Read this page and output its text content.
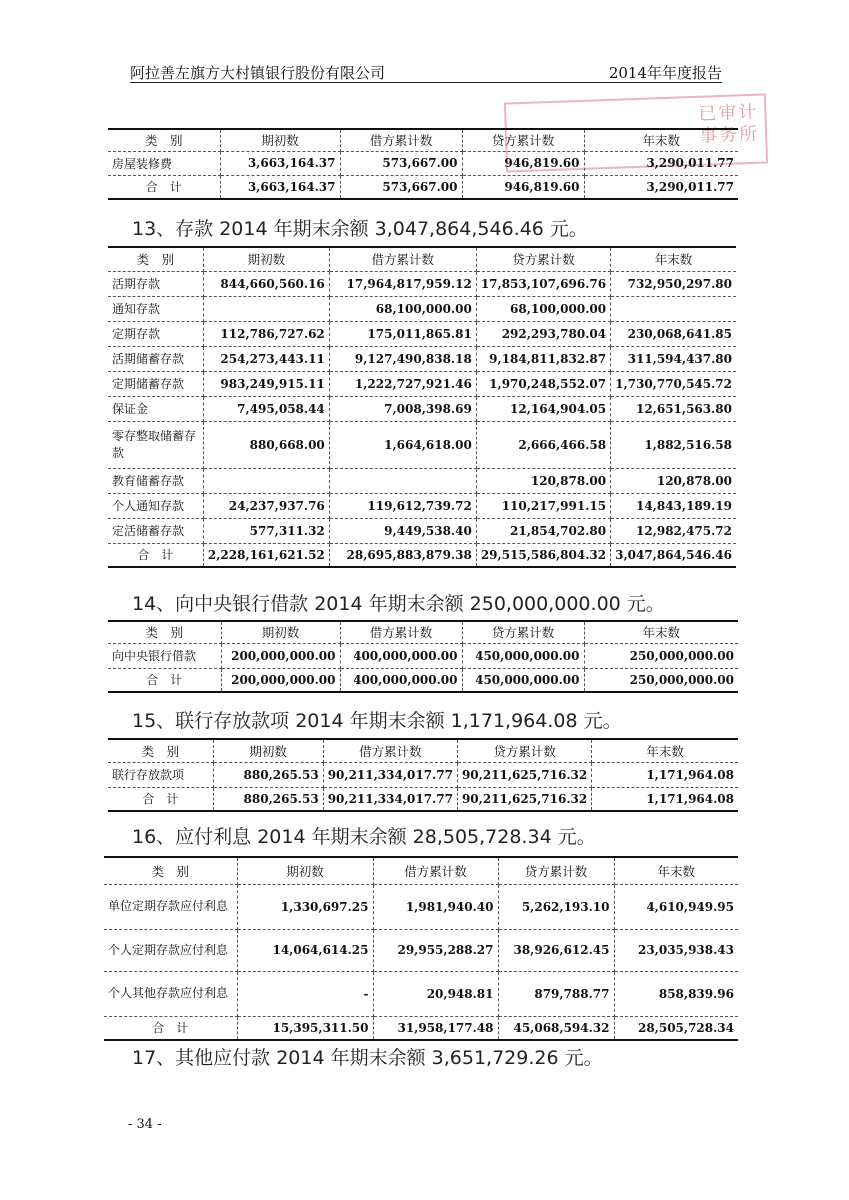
阿拉善左旗方大村镇银行股份有限公司	2014年年度报告
已审计
事务所
类　别	期初数	借方累计数	贷方累计数	年末数
房屋装修费	3,663,164.37	573,667.00	946,819.60	3,290,011.77
合　计	3,663,164.37	573,667.00	946,819.60	3,290,011.77
13、存款 2014 年期末余额 3,047,864,546.46 元。
类　别	期初数	借方累计数	贷方累计数	年末数
活期存款	844,660,560.16	17,964,817,959.12	17,853,107,696.76	732,950,297.80
通知存款		68,100,000.00	68,100,000.00	
定期存款	112,786,727.62	175,011,865.81	292,293,780.04	230,068,641.85
活期储蓄存款	254,273,443.11	9,127,490,838.18	9,184,811,832.87	311,594,437.80
定期储蓄存款	983,249,915.11	1,222,727,921.46	1,970,248,552.07	1,730,770,545.72
保证金	7,495,058.44	7,008,398.69	12,164,904.05	12,651,563.80
零存整取储蓄存款	880,668.00	1,664,618.00	2,666,466.58	1,882,516.58
教育储蓄存款			120,878.00	120,878.00
个人通知存款	24,237,937.76	119,612,739.72	110,217,991.15	14,843,189.19
定活储蓄存款	577,311.32	9,449,538.40	21,854,702.80	12,982,475.72
合　计	2,228,161,621.52	28,695,883,879.38	29,515,586,804.32	3,047,864,546.46
14、向中央银行借款 2014 年期末余额 250,000,000.00 元。
类　别	期初数	借方累计数	贷方累计数	年末数
向中央银行借款	200,000,000.00	400,000,000.00	450,000,000.00	250,000,000.00
合　计	200,000,000.00	400,000,000.00	450,000,000.00	250,000,000.00
15、联行存放款项 2014 年期末余额 1,171,964.08 元。
类　别	期初数	借方累计数	贷方累计数	年末数
联行存放款项	880,265.53	90,211,334,017.77	90,211,625,716.32	1,171,964.08
合　计	880,265.53	90,211,334,017.77	90,211,625,716.32	1,171,964.08
16、应付利息 2014 年期末余额 28,505,728.34 元。
类　别	期初数	借方累计数	贷方累计数	年末数
单位定期存款应付利息	1,330,697.25	1,981,940.40	5,262,193.10	4,610,949.95
个人定期存款应付利息	14,064,614.25	29,955,288.27	38,926,612.45	23,035,938.43
个人其他存款应付利息	-	20,948.81	879,788.77	858,839.96
合　计	15,395,311.50	31,958,177.48	45,068,594.32	28,505,728.34
17、其他应付款 2014 年期末余额 3,651,729.26 元。
- 34 -
